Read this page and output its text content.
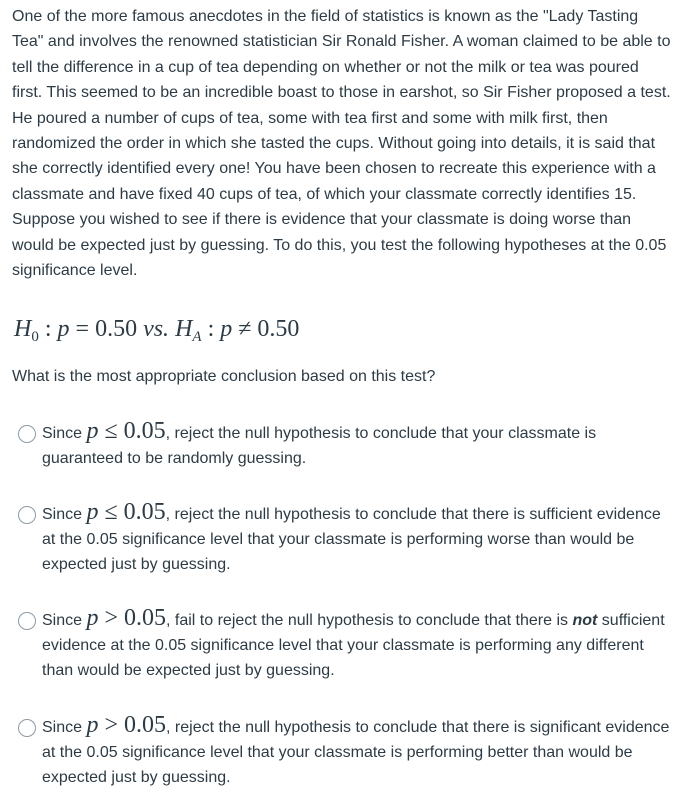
One of the more famous anecdotes in the field of statistics is known as the "Lady Tasting Tea" and involves the renowned statistician Sir Ronald Fisher. A woman claimed to be able to tell the difference in a cup of tea depending on whether or not the milk or tea was poured first. This seemed to be an incredible boast to those in earshot, so Sir Fisher proposed a test. He poured a number of cups of tea, some with tea first and some with milk first, then randomized the order in which she tasted the cups. Without going into details, it is said that she correctly identified every one! You have been chosen to recreate this experience with a classmate and have fixed 40 cups of tea, of which your classmate correctly identifies 15. Suppose you wished to see if there is evidence that your classmate is doing worse than would be expected just by guessing. To do this, you test the following hypotheses at the 0.05 significance level.

$H_0$ : p = 0.50 vs. $H_A$ : p ≠ 0.50

What is the most appropriate conclusion based on this test?

Since p ≤ 0.05, reject the null hypothesis to conclude that your classmate is guaranteed to be randomly guessing.
Since p ≤ 0.05, reject the null hypothesis to conclude that there is sufficient evidence at the 0.05 significance level that your classmate is performing worse than would be expected just by guessing.
Since p > 0.05, fail to reject the null hypothesis to conclude that there is not sufficient evidence at the 0.05 significance level that your classmate is performing any different than would be expected just by guessing.
Since p > 0.05, reject the null hypothesis to conclude that there is significant evidence at the 0.05 significance level that your classmate is performing better than would be expected just by guessing.
